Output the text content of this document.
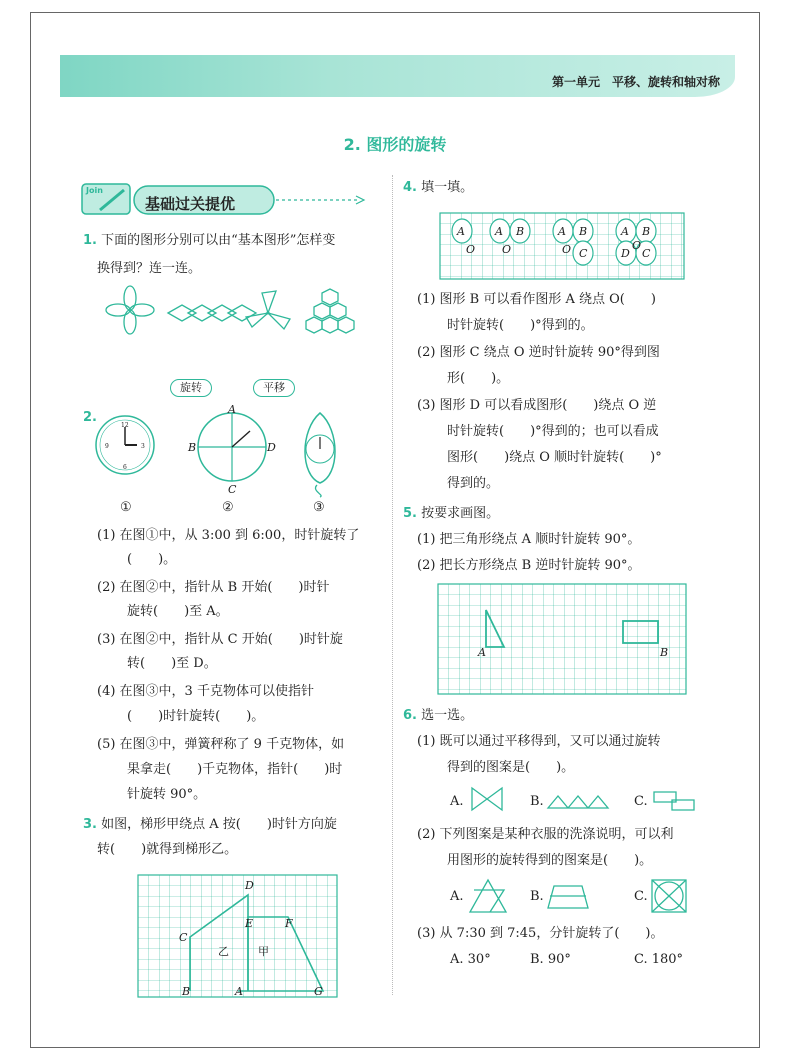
第一单元　平移、旋转和轴对称
2. 图形的旋转
Join
基础过关提优
1. 下面的图形分别可以由“基本图形”怎样变
换得到？连一连。
旋转	平移
2.
12
3
6
9
A
B
C
D
①	②	③
(1) 在图①中，从 3:00 到 6:00，时针旋转了
(　　)。
(2) 在图②中，指针从 B 开始(　　)时针
旋转(　　)至 A。
(3) 在图②中，指针从 C 开始(　　)时针旋
转(　　)至 D。
(4) 在图③中，3 千克物体可以使指针
(　　)时针旋转(　　)。
(5) 在图③中，弹簧秤称了 9 千克物体，如
果拿走(　　)千克物体，指针(　　)时
针旋转 90°。
3. 如图，梯形甲绕点 A 按(　　)时针方向旋
转(　　)就得到梯形乙。
D
C
E	F
乙	甲
B	A	G
4. 填一填。
A
O
A B
O
A B
C
O
A B
D
O
C
(1) 图形 B 可以看作图形 A 绕点 O(　　)
时针旋转(　　)°得到的。
(2) 图形 C 绕点 O 逆时针旋转 90°得到图
形(　　)。
(3) 图形 D 可以看成图形(　　)绕点 O 逆
时针旋转(　　)°得到的；也可以看成
图形(　　)绕点 O 顺时针旋转(　　)°
得到的。
5. 按要求画图。
(1) 把三角形绕点 A 顺时针旋转 90°。
(2) 把长方形绕点 B 逆时针旋转 90°。
A	B
6. 选一选。
(1) 既可以通过平移得到，又可以通过旋转
得到的图案是(　　)。
A.	B.	C.
(2) 下列图案是某种衣服的洗涤说明，可以利
用图形的旋转得到的图案是(　　)。
A.	B.	C.
(3) 从 7:30 到 7:45，分针旋转了(　　)。
A. 30°	B. 90°	C. 180°
